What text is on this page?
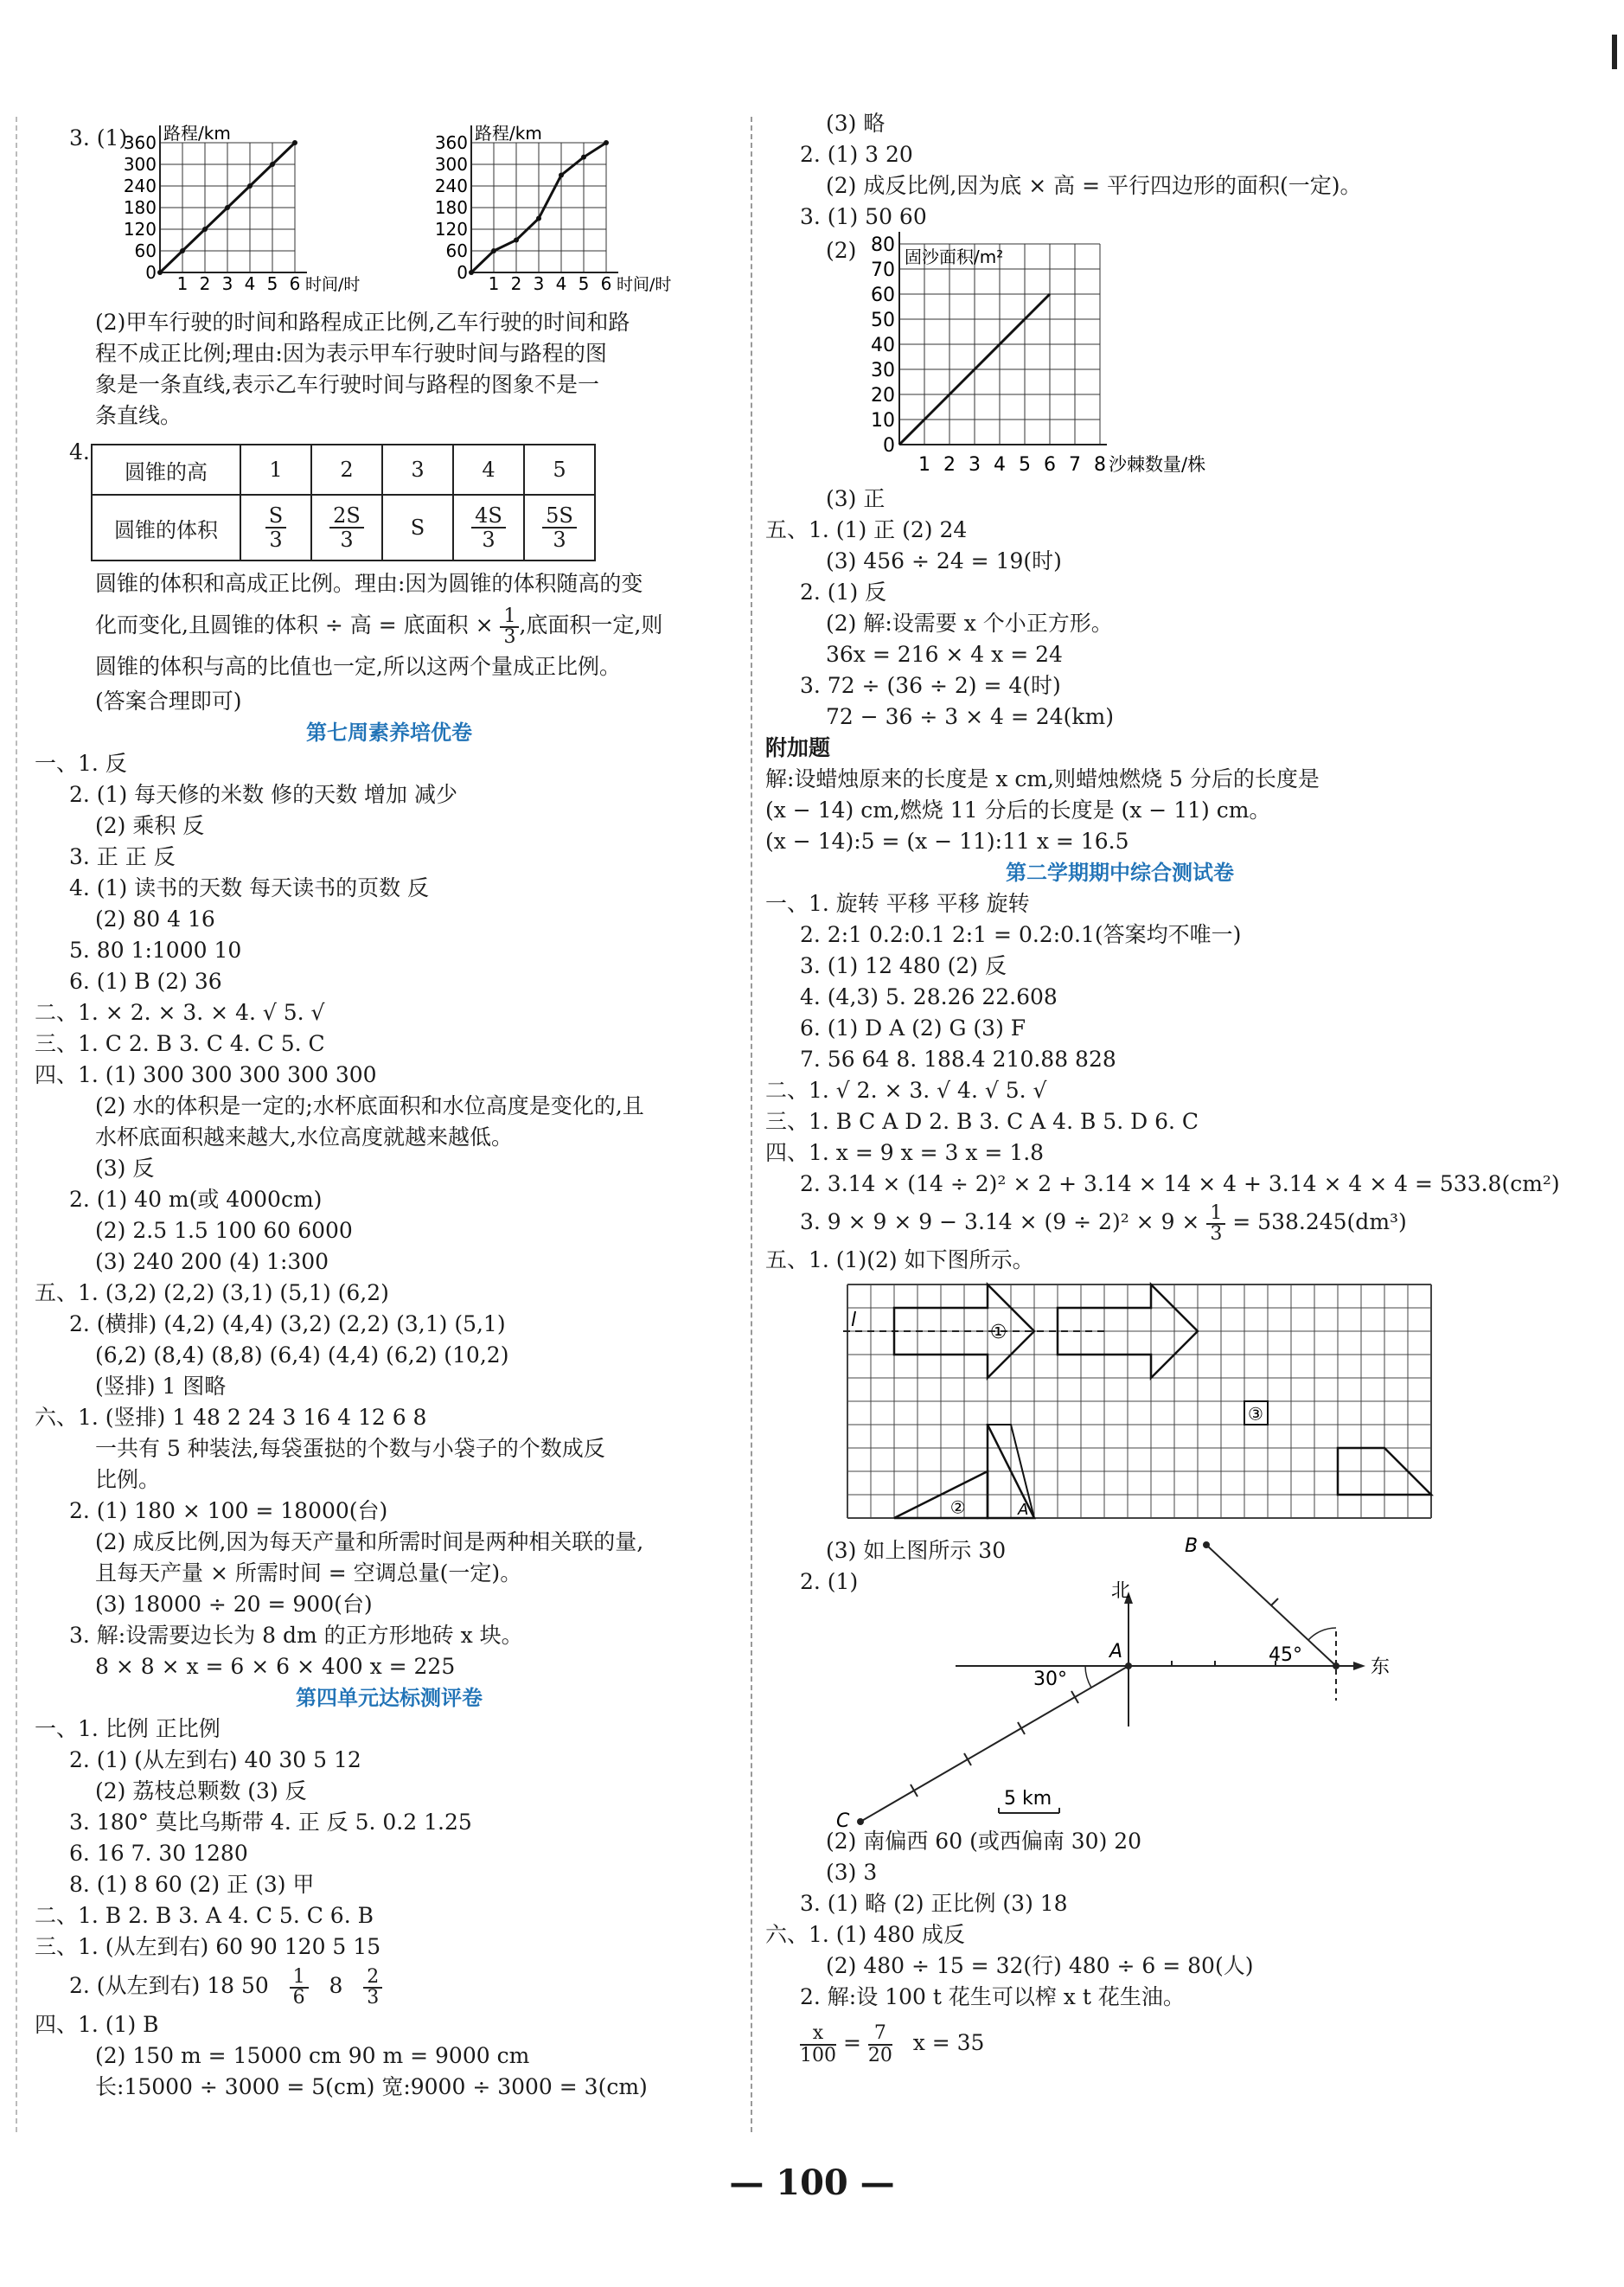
3. (1)
360
300
240
180
120
60
0
1 2 3 4 5 6
路程/km
时间/时
360
300
240
180
120
60
0
1 2 3 4 5 6
路程/km
时间/时
(2)甲车行驶的时间和路程成正比例,乙车行驶的时间和路
程不成正比例;理由:因为表示甲车行驶时间与路程的图
象是一条直线,表示乙车行驶时间与路程的图象不是一
条直线。
4.
圆锥的高	1	2	3	4	5
圆锥的体积	$\frac{S}{3}$	$\frac{2S}{3}$	S	$\frac{4S}{3}$	$\frac{5S}{3}$
圆锥的体积和高成正比例。理由:因为圆锥的体积随高的变
化而变化,且圆锥的体积 ÷ 高 = 底面积 × $\frac{1}{3}$ ,底面积一定,则
圆锥的体积与高的比值也一定,所以这两个量成正比例。
(答案合理即可)
第七周素养培优卷
一、1. 反
2. (1) 每天修的米数 修的天数 增加 减少
(2) 乘积 反
3. 正 正 反
4. (1) 读书的天数 每天读书的页数 反
(2) 80 4 16
5. 80 1:1000 10
6. (1) B (2) 36
二、1. × 2. × 3. × 4. √ 5. √
三、1. C 2. B 3. C 4. C 5. C
四、1. (1) 300 300 300 300 300
(2) 水的体积是一定的;水杯底面积和水位高度是变化的,且
水杯底面积越来越大,水位高度就越来越低。
(3) 反
2. (1) 40 m(或 4000cm)
(2) 2.5 1.5 100 60 6000
(3) 240 200 (4) 1:300
五、1. (3,2) (2,2) (3,1) (5,1) (6,2)
2. (横排) (4,2) (4,4) (3,2) (2,2) (3,1) (5,1)
(6,2) (8,4) (8,8) (6,4) (4,4) (6,2) (10,2)
(竖排) 1 图略
六、1. (竖排) 1 48 2 24 3 16 4 12 6 8
一共有 5 种装法,每袋蛋挞的个数与小袋子的个数成反
比例。
2. (1) 180 × 100 = 18000(台)
(2) 成反比例,因为每天产量和所需时间是两种相关联的量,
且每天产量 × 所需时间 = 空调总量(一定)。
(3) 18000 ÷ 20 = 900(台)
3. 解:设需要边长为 8 dm 的正方形地砖 x 块。
8 × 8 × x = 6 × 6 × 400 x = 225
第四单元达标测评卷
一、1. 比例 正比例
2. (1) (从左到右) 40 30 5 12
(2) 荔枝总颗数 (3) 反
3. 180° 莫比乌斯带 4. 正 反 5. 0.2 1.25
6. 16 7. 30 1280
8. (1) 8 60 (2) 正 (3) 甲
二、1. B 2. B 3. A 4. C 5. C 6. B
三、1. (从左到右) 60 90 120 5 15
2. (从左到右) 18 $50 \frac{1}{6} 8 \frac{2}{3}$
四、1. (1) B
(2) 150 m = 15000 cm 90 m = 9000 cm
长:15000 ÷ 3000 = 5(cm) 宽:9000 ÷ 3000 = 3(cm)
(3) 略
2. (1) 3 20
(2) 成反比例,因为底 × 高 = 平行四边形的面积(一定)。
3. (1) 50 60
(2) 80
70
60
50
40
30
20
10
0
1 2 3 4 5 6 7 8
固沙面积/m²
沙棘数量/株
(3) 正
五、1. (1) 正 (2) 24
(3) 456 ÷ 24 = 19(时)
2. (1) 反
(2) 解:设需要 x 个小正方形。
36x = 216 × 4 x = 24
3. 72 ÷ (36 ÷ 2) = 4(时)
72 − 36 ÷ 3 × 4 = 24(km)
附加题
解:设蜡烛原来的长度是 x cm,则蜡烛燃烧 5 分后的长度是
(x − 14) cm,燃烧 11 分后的长度是 (x − 11) cm。
(x − 14):5 = (x − 11):11 x = 16.5
第二学期期中综合测试卷
一、1. 旋转 平移 平移 旋转
2. 2:1 0.2:0.1 2:1 = 0.2:0.1(答案均不唯一)
3. (1) 12 480 (2) 反
4. (4,3) 5. 28.26 22.608
6. (1) D A (2) G (3) F
7. 56 64 8. 188.4 210.88 828
二、1. √ 2. × 3. √ 4. √ 5. √
三、1. B C A D 2. B 3. C A 4. B 5. D 6. C
四、1. x = 9 x = 3 x = 1.8
2. 3.14 × (14 ÷ 2)² × 2 + 3.14 × 14 × 4 + 3.14 × 4 × 4 = 533.8(cm²)
3. $9 \times 9 \times 9 - 3.14 \times (9 \div 2)^2 \times 9 \times \frac{1}{3} = 538.245(dm^3)$
五、1. (1)(2) 如下图所示。
l
①
③
②	A
(3) 如上图所示 30
2. (1)	北
东
A
B
45°
C
30°
5 km
(2) 南偏西 60 (或西偏南 30) 20
(3) 3
3. (1) 略 (2) 正比例 (3) 18
六、1. (1) 480 成反
(2) 480 ÷ 15 = 32(行) 480 ÷ 6 = 80(人)
2. 解:设 100 t 花生可以榨 x t 花生油。
$\frac{x}{100} = \frac{7}{20}$ x = 35
— 100 —
